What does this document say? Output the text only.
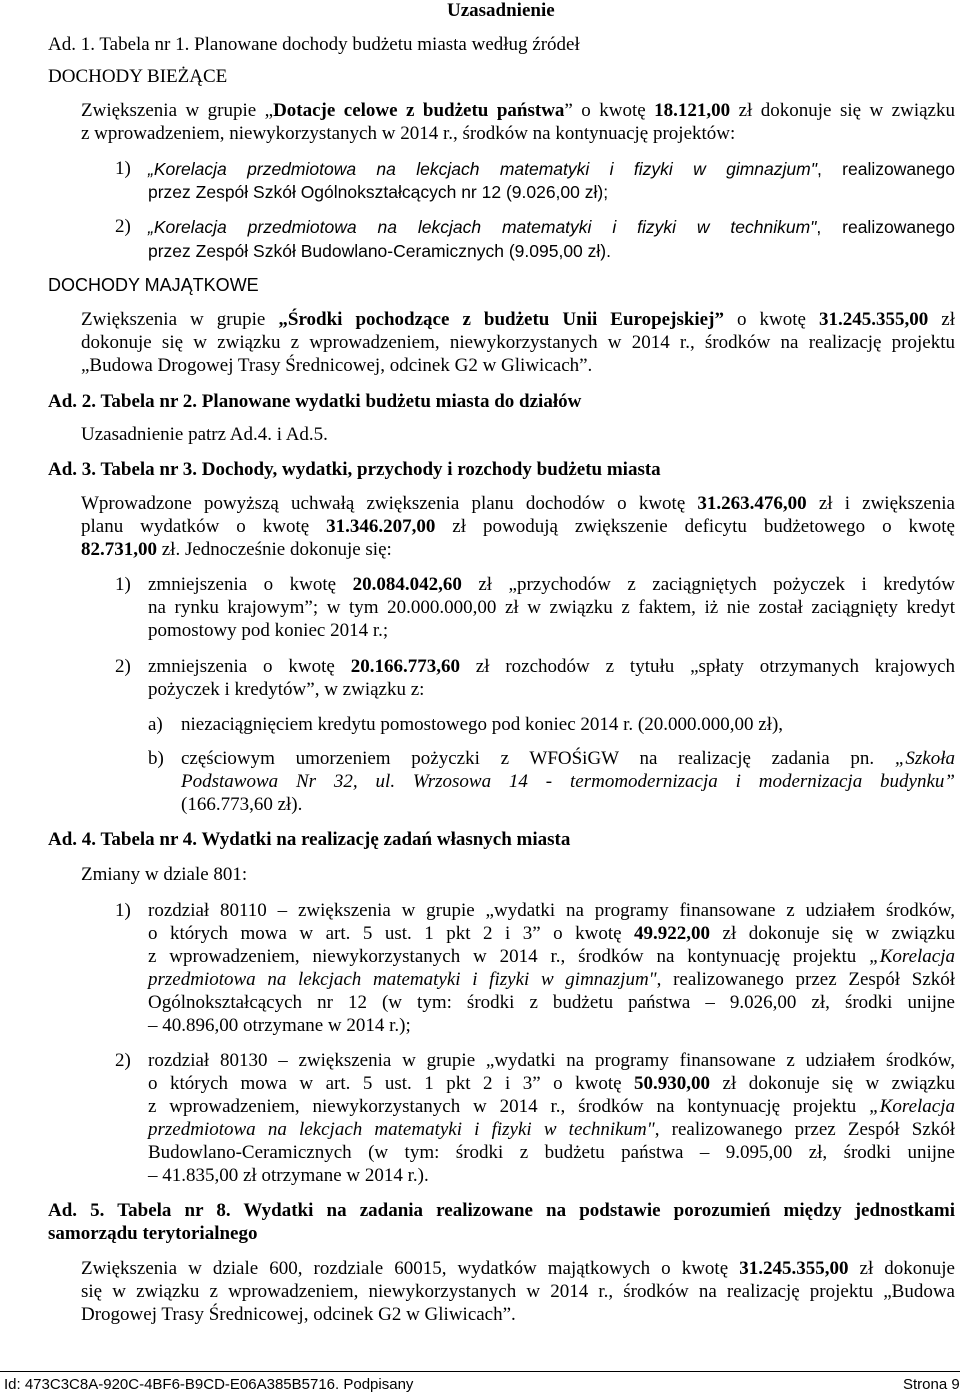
Uzasadnienie
Ad. 1. Tabela nr 1. Planowane dochody budżetu miasta według źródeł
DOCHODY BIEŻĄCE
Zwiększenia w grupie „Dotacje celowe z budżetu państwa” o kwotę 18.121,00 zł dokonuje się w związku
z wprowadzeniem, niewykorzystanych w 2014 r., środków na kontynuację projektów:
1) „Korelacja przedmiotowa na lekcjach matematyki i fizyki w gimnazjum", realizowanego
przez Zespół Szkół Ogólnokształcących nr 12 (9.026,00 zł);
2) „Korelacja przedmiotowa na lekcjach matematyki i fizyki w technikum", realizowanego
przez Zespół Szkół Budowlano-Ceramicznych (9.095,00 zł).
DOCHODY MAJĄTKOWE
Zwiększenia w grupie „Środki pochodzące z budżetu Unii Europejskiej” o kwotę 31.245.355,00 zł
dokonuje się w związku z wprowadzeniem, niewykorzystanych w 2014 r., środków na realizację projektu
„Budowa Drogowej Trasy Średnicowej, odcinek G2 w Gliwicach”.
Ad. 2. Tabela nr 2. Planowane wydatki budżetu miasta do działów
Uzasadnienie patrz Ad.4. i Ad.5.
Ad. 3. Tabela nr 3. Dochody, wydatki, przychody i rozchody budżetu miasta
Wprowadzone powyższą uchwałą zwiększenia planu dochodów o kwotę 31.263.476,00 zł i zwiększenia
planu wydatków o kwotę 31.346.207,00 zł powodują zwiększenie deficytu budżetowego o kwotę
82.731,00 zł. Jednocześnie dokonuje się:
1) zmniejszenia o kwotę 20.084.042,60 zł „przychodów z zaciągniętych pożyczek i kredytów
na rynku krajowym”; w tym 20.000.000,00 zł w związku z faktem, iż nie został zaciągnięty kredyt
pomostowy pod koniec 2014 r.;
2) zmniejszenia o kwotę 20.166.773,60 zł rozchodów z tytułu „spłaty otrzymanych krajowych
pożyczek i kredytów”, w związku z:
a) niezaciągnięciem kredytu pomostowego pod koniec 2014 r. (20.000.000,00 zł),
b) częściowym umorzeniem pożyczki z WFOŚiGW na realizację zadania pn. „Szkoła
Podstawowa Nr 32, ul. Wrzosowa 14 - termomodernizacja i modernizacja budynku”
(166.773,60 zł).
Ad. 4. Tabela nr 4. Wydatki na realizację zadań własnych miasta
Zmiany w dziale 801:
1) rozdział 80110 – zwiększenia w grupie „wydatki na programy finansowane z udziałem środków,
o których mowa w art. 5 ust. 1 pkt 2 i 3” o kwotę 49.922,00 zł dokonuje się w związku
z wprowadzeniem, niewykorzystanych w 2014 r., środków na kontynuację projektu „Korelacja
przedmiotowa na lekcjach matematyki i fizyki w gimnazjum", realizowanego przez Zespół Szkół
Ogólnokształcących nr 12 (w tym: środki z budżetu państwa – 9.026,00 zł, środki unijne
– 40.896,00 otrzymane w 2014 r.);
2) rozdział 80130 – zwiększenia w grupie „wydatki na programy finansowane z udziałem środków,
o których mowa w art. 5 ust. 1 pkt 2 i 3” o kwotę 50.930,00 zł dokonuje się w związku
z wprowadzeniem, niewykorzystanych w 2014 r., środków na kontynuację projektu „Korelacja
przedmiotowa na lekcjach matematyki i fizyki w technikum", realizowanego przez Zespół Szkół
Budowlano-Ceramicznych (w tym: środki z budżetu państwa – 9.095,00 zł, środki unijne
– 41.835,00 zł otrzymane w 2014 r.).
Ad. 5. Tabela nr 8. Wydatki na zadania realizowane na podstawie porozumień między jednostkami
samorządu terytorialnego
Zwiększenia w dziale 600, rozdziale 60015, wydatków majątkowych o kwotę 31.245.355,00 zł dokonuje
się w związku z wprowadzeniem, niewykorzystanych w 2014 r., środków na realizację projektu „Budowa
Drogowej Trasy Średnicowej, odcinek G2 w Gliwicach”.
Id: 473C3C8A-920C-4BF6-B9CD-E06A385B5716. Podpisany	Strona 9
